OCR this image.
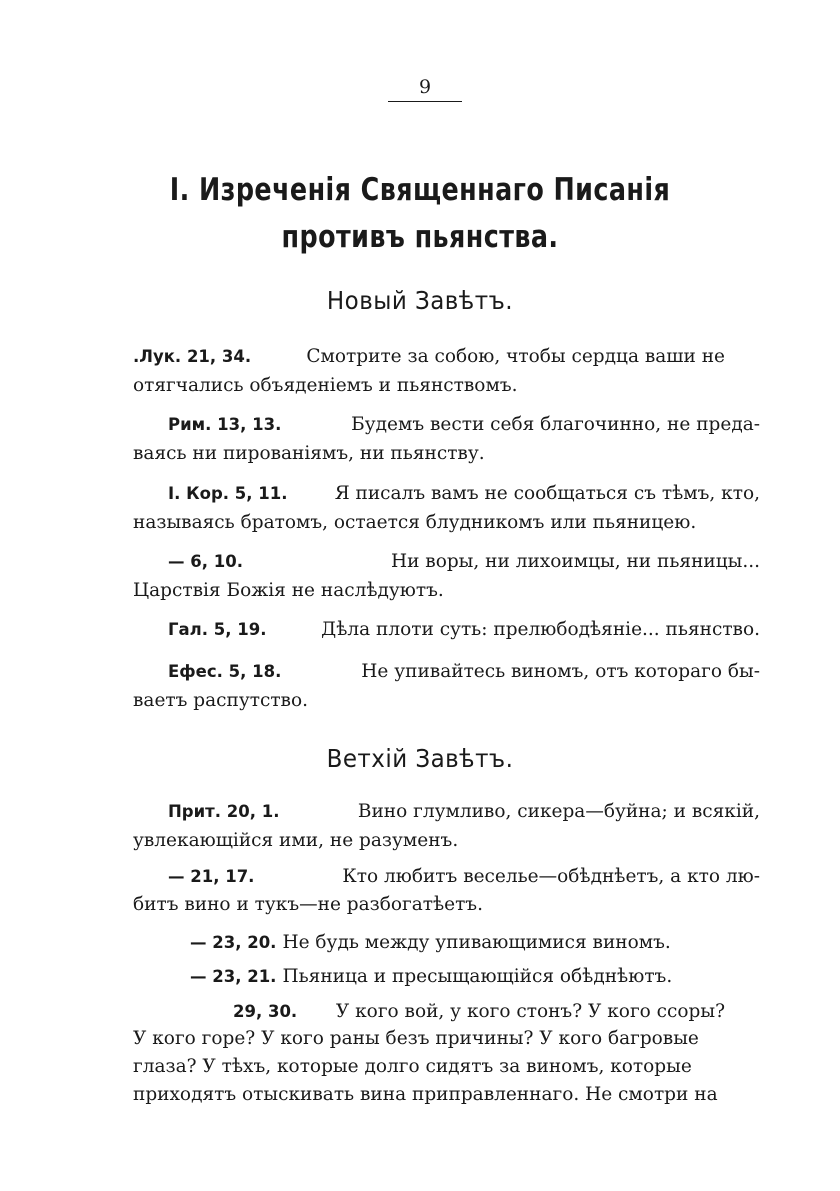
9
I. Изреченія Священнаго Писанія
противъ пьянства.
Новый Завѣтъ.
.Лук. 21, 34.	Смотрите за собою, чтобы сердца ваши не
отягчались объяденіемъ и пьянствомъ.
Рим. 13, 13.	Будемъ вести себя благочинно, не преда-
ваясь ни пированіямъ, ни пьянству.
I. Кор. 5, 11.	Я писалъ вамъ не сообщаться съ тѣмъ, кто,
называясь братомъ, остается блудникомъ или пьяницею.
— 6, 10.	Ни воры, ни лихоимцы, ни пьяницы...
Царствія Божія не наслѣдуютъ.
Гал. 5, 19.	Дѣла плоти суть: прелюбодѣяніе... пьянство.
Ефес. 5, 18.	Не упивайтесь виномъ, отъ котораго бы-
ваетъ распутство.
Ветхій Завѣтъ.
Прит. 20, 1.	Вино глумливо, сикера—буйна; и всякій,
увлекающійся ими, не разуменъ.
— 21, 17.	Кто любитъ веселье—обѣднѣетъ, а кто лю-
битъ вино и тукъ—не разбогатѣетъ.
— 23, 20. Не будь между упивающимися виномъ.
— 23, 21. Пьяница и пресыщающійся обѣднѣютъ.
29, 30. У кого вой, у кого стонъ? У кого ссоры?
У кого горе? У кого раны безъ причины? У кого багровые
глаза? У тѣхъ, которые долго сидятъ за виномъ, которые
приходятъ отыскивать вина приправленнаго. Не смотри на
